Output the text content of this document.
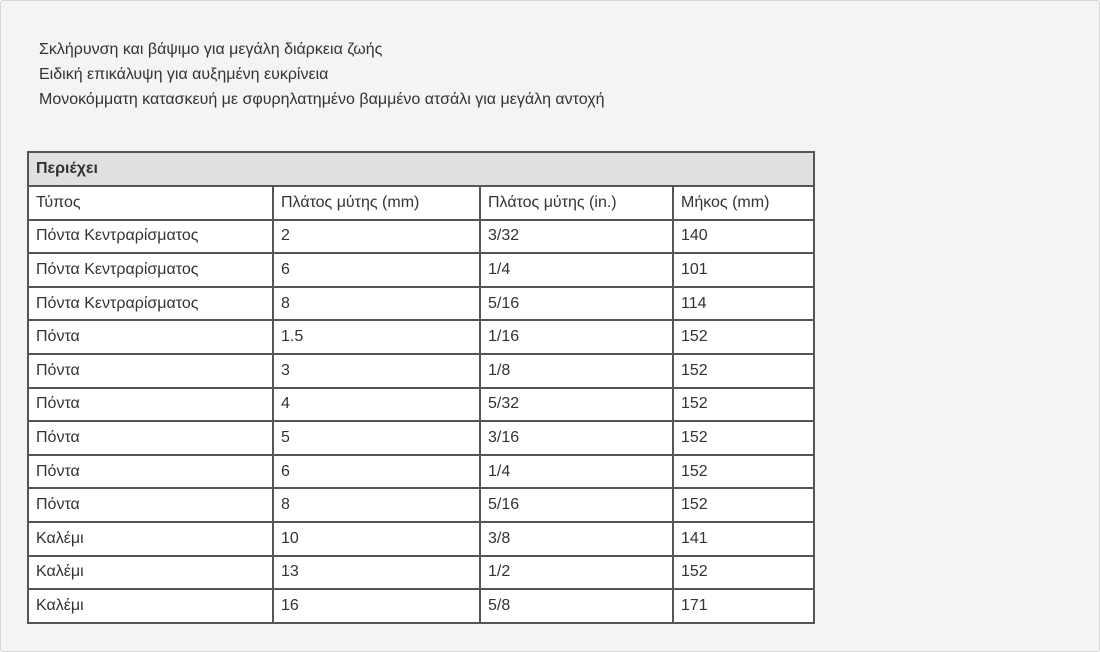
Σκλήρυνση και βάψιμο για μεγάλη διάρκεια ζωής
Ειδική επικάλυψη για αυξημένη ευκρίνεια
Μονοκόμματη κατασκευή με σφυρηλατημένο βαμμένο ατσάλι για μεγάλη αντοχή
Περιέχει			
Τύπος	Πλάτος μύτης (mm)	Πλάτος μύτης (in.)	Μήκος (mm)
Πόντα Κεντραρίσματος	2	3/32	140
Πόντα Κεντραρίσματος	6	1/4	101
Πόντα Κεντραρίσματος	8	5/16	114
Πόντα	1.5	1/16	152
Πόντα	3	1/8	152
Πόντα	4	5/32	152
Πόντα	5	3/16	152
Πόντα	6	1/4	152
Πόντα	8	5/16	152
Καλέμι	10	3/8	141
Καλέμι	13	1/2	152
Καλέμι	16	5/8	171
